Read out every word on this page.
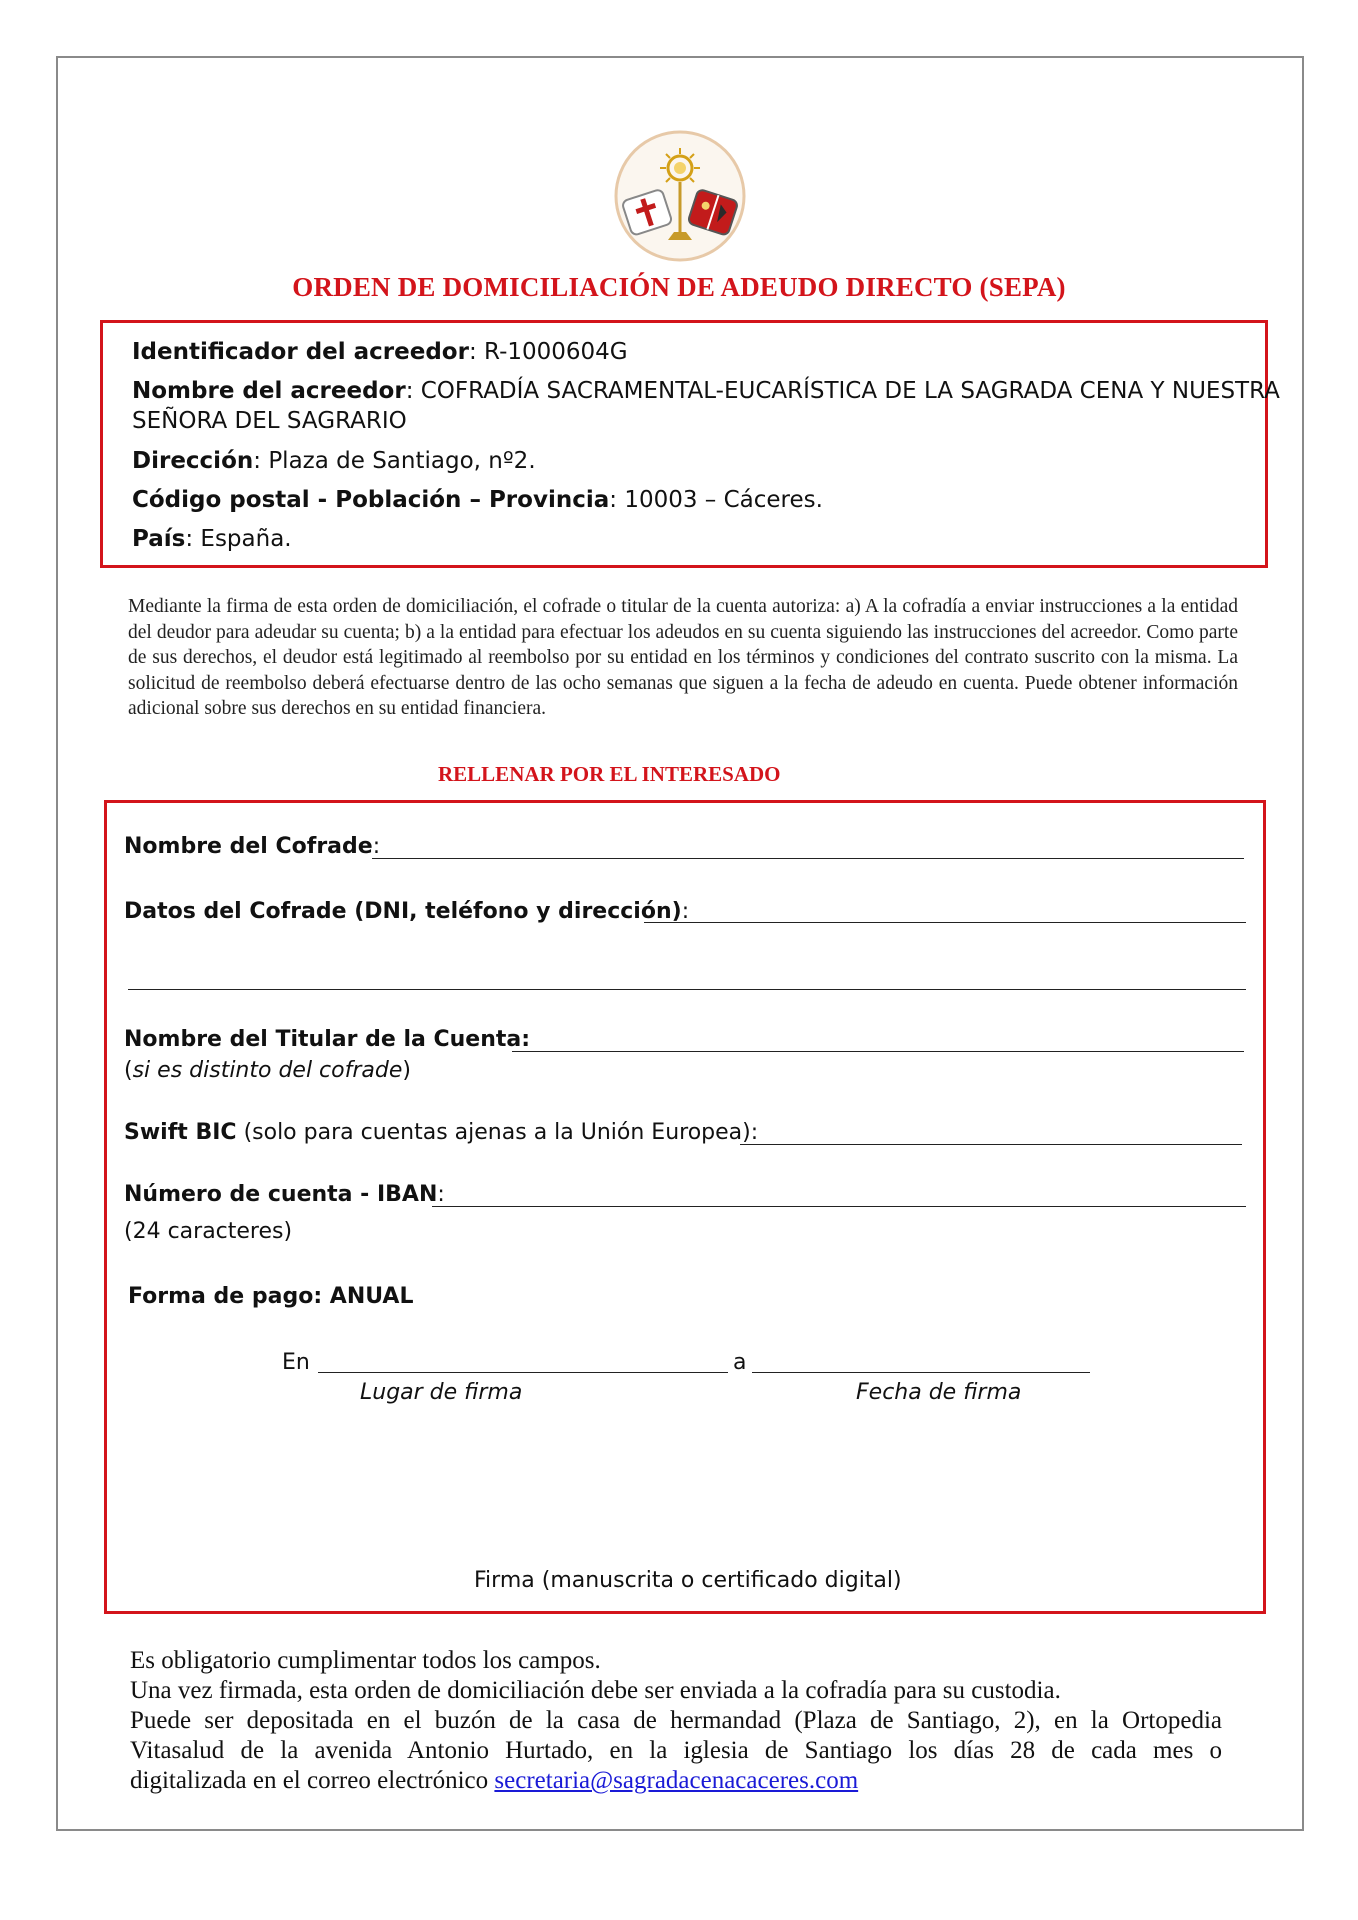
ORDEN DE DOMICILIACIÓN DE ADEUDO DIRECTO (SEPA)
Identificador del acreedor: R-1000604G
Nombre del acreedor: COFRADÍA SACRAMENTAL-EUCARÍSTICA DE LA SAGRADA CENA Y NUESTRA
SEÑORA DEL SAGRARIO
Dirección: Plaza de Santiago, nº2.
Código postal - Población – Provincia: 10003 – Cáceres.
País: España.
Mediante la firma de esta orden de domiciliación, el cofrade o titular de la cuenta autoriza: a) A la cofradía a enviar instrucciones a la entidad del deudor para adeudar su cuenta; b) a la entidad para efectuar los adeudos en su cuenta siguiendo las instrucciones del acreedor. Como parte de sus derechos, el deudor está legitimado al reembolso por su entidad en los términos y condiciones del contrato suscrito con la misma. La solicitud de reembolso deberá efectuarse dentro de las ocho semanas que siguen a la fecha de adeudo en cuenta. Puede obtener información adicional sobre sus derechos en su entidad financiera.
RELLENAR POR EL INTERESADO
Nombre del Cofrade:
Datos del Cofrade (DNI, teléfono y dirección):
Nombre del Titular de la Cuenta:
(si es distinto del cofrade)
Swift BIC (solo para cuentas ajenas a la Unión Europea):
Número de cuenta - IBAN:
(24 caracteres)
Forma de pago: ANUAL
En	a
Lugar de firma	Fecha de firma
Firma (manuscrita o certificado digital)
Es obligatorio cumplimentar todos los campos.
Una vez firmada, esta orden de domiciliación debe ser enviada a la cofradía para su custodia.
Puede ser depositada en el buzón de la casa de hermandad (Plaza de Santiago, 2), en la Ortopedia
Vitasalud de la avenida Antonio Hurtado, en la iglesia de Santiago los días 28 de cada mes o
digitalizada en el correo electrónico secretaria@sagradacenacaceres.com
